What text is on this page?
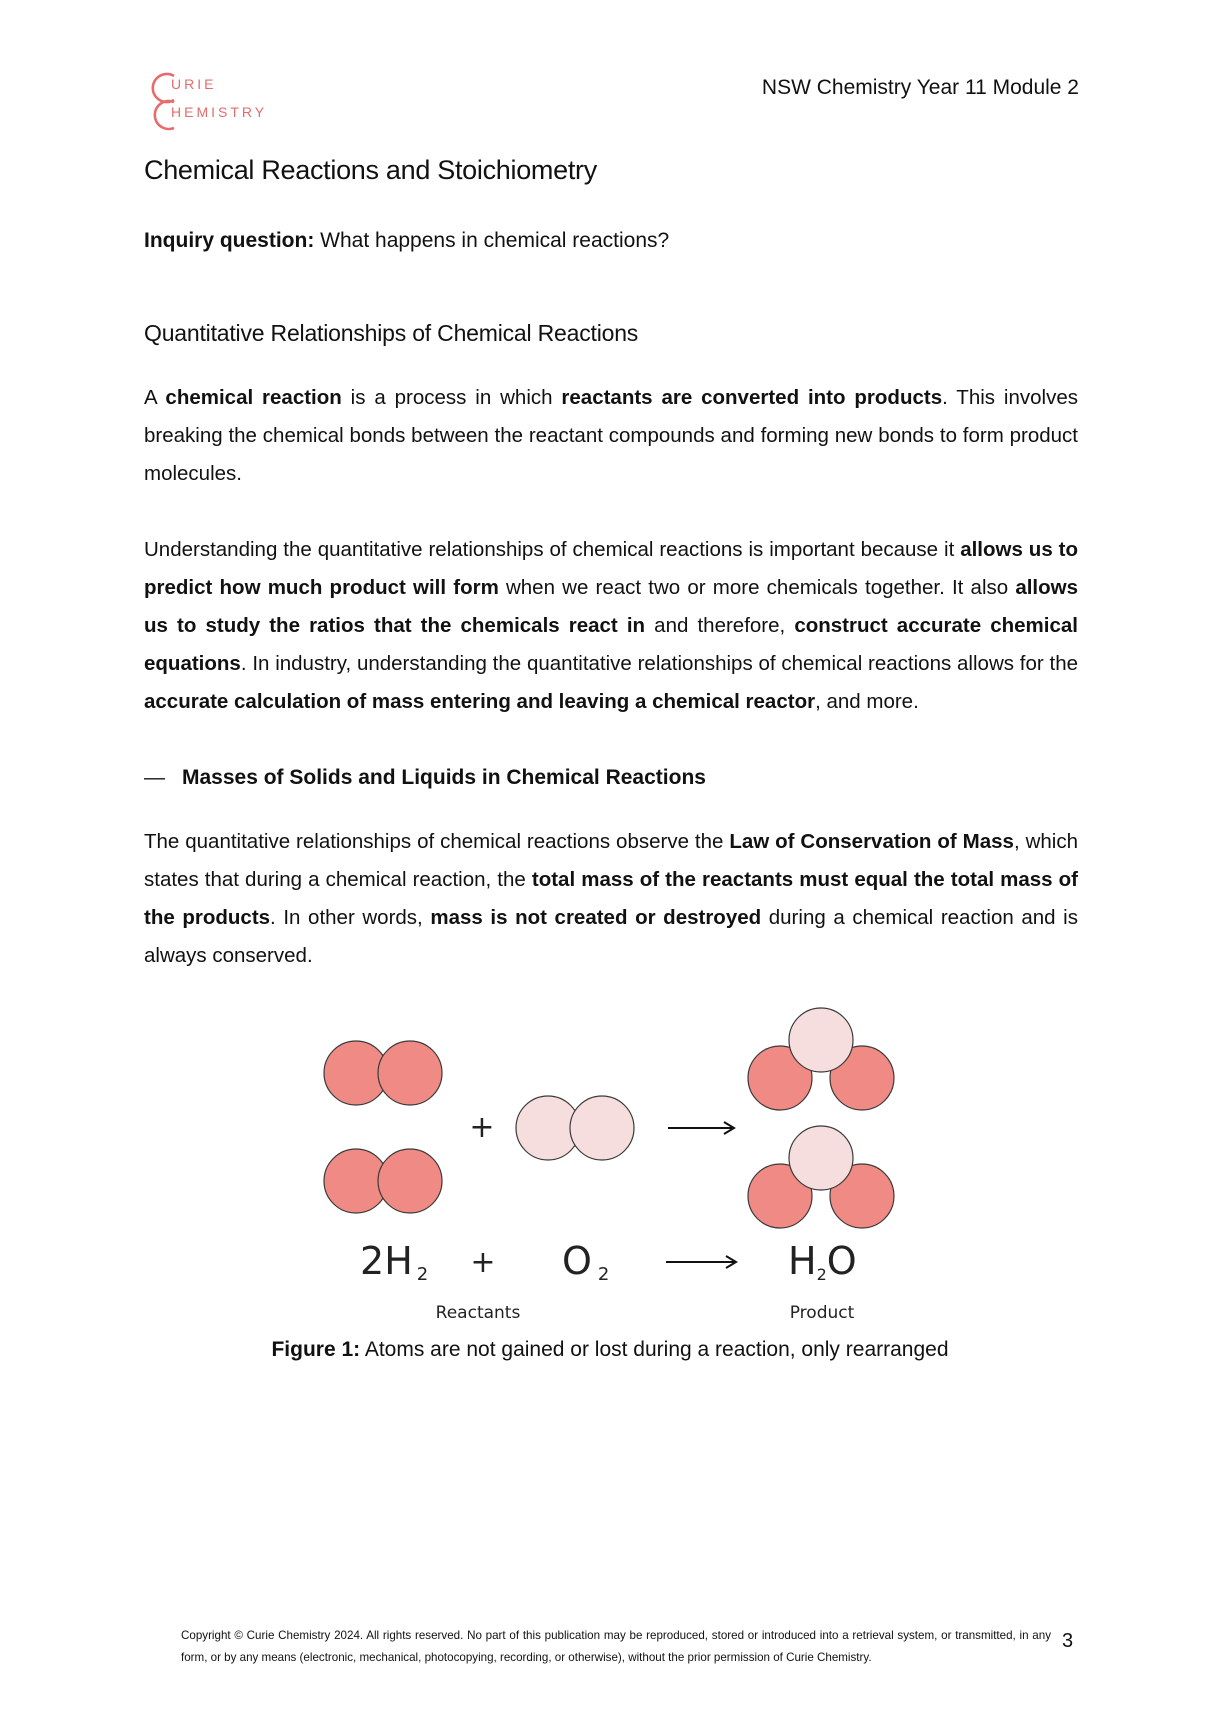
URIE
HEMISTRY
NSW Chemistry Year 11 Module 2
Chemical Reactions and Stoichiometry
Inquiry question: What happens in chemical reactions?
Quantitative Relationships of Chemical Reactions

A chemical reaction is a process in which reactants are converted into products. This involves breaking the chemical bonds between the reactant compounds and forming new bonds to form product molecules.

Understanding the quantitative relationships of chemical reactions is important because it allows us to predict how much product will form when we react two or more chemicals together. It also allows us to study the ratios that the chemicals react in and therefore, construct accurate chemical equations. In industry, understanding the quantitative relationships of chemical reactions allows for the accurate calculation of mass entering and leaving a chemical reactor, and more.

— Masses of Solids and Liquids in Chemical Reactions

The quantitative relationships of chemical reactions observe the Law of Conservation of Mass, which states that during a chemical reaction, the total mass of the reactants must equal the total mass of the products. In other words, mass is not created or destroyed during a chemical reaction and is always conserved.

+
2H 2 + O 2	H2O
Reactants	Product
Figure 1: Atoms are not gained or lost during a reaction, only rearranged
Copyright © Curie Chemistry 2024. All rights reserved. No part of this publication may be reproduced, stored or introduced into a retrieval system, or transmitted, in any form, or by any means (electronic, mechanical, photocopying, recording, or otherwise), without the prior permission of Curie Chemistry.
3
